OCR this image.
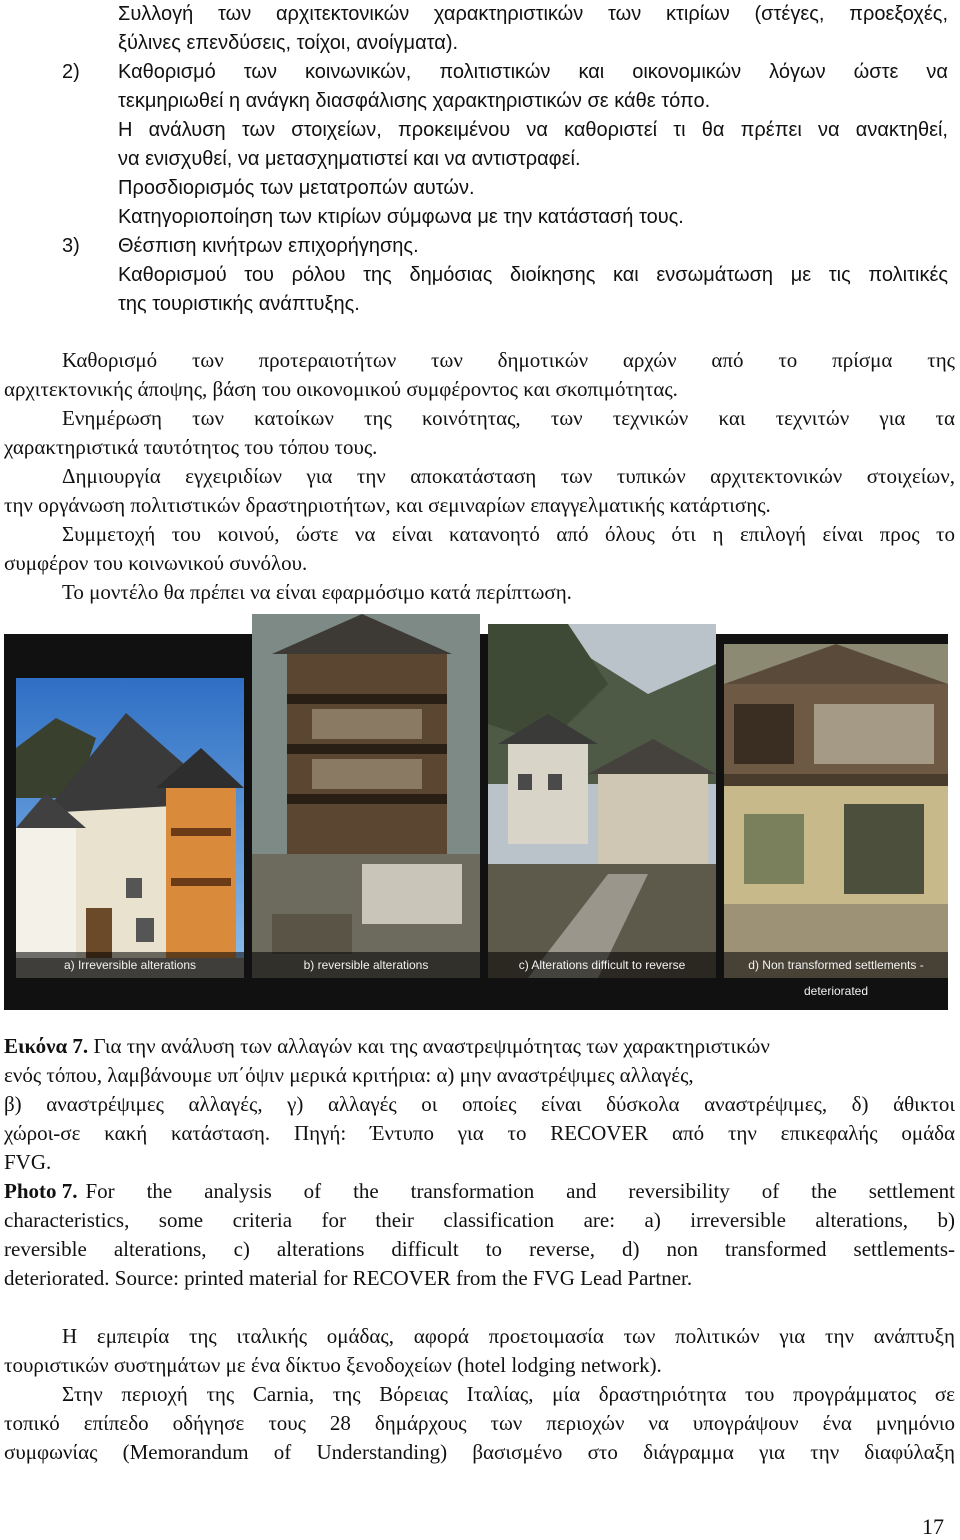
Συλλογή των αρχιτεκτονικών χαρακτηριστικών των κτιρίων (στέγες, προεξοχές,
ξύλινες επενδύσεις, τοίχοι, ανοίγματα).
2) Καθορισμό των κοινωνικών, πολιτιστικών και οικονομικών λόγων ώστε να
τεκμηριωθεί η ανάγκη διασφάλισης χαρακτηριστικών σε κάθε τόπο.
Η ανάλυση των στοιχείων, προκειμένου να καθοριστεί τι θα πρέπει να ανακτηθεί,
να ενισχυθεί, να μετασχηματιστεί και να αντιστραφεί.
Προσδιορισμός των μετατροπών αυτών.
Κατηγοριοποίηση των κτιρίων σύμφωνα με την κατάστασή τους.
3) Θέσπιση κινήτρων επιχορήγησης.
Καθορισμού του ρόλου της δημόσιας διοίκησης και ενσωμάτωση με τις πολιτικές
της τουριστικής ανάπτυξης.
Καθορισμό των προτεραιοτήτων των δημοτικών αρχών από το πρίσμα της
αρχιτεκτονικής άποψης, βάση του οικονομικού συμφέροντος και σκοπιμότητας.
Ενημέρωση των κατοίκων της κοινότητας, των τεχνικών και τεχνιτών για τα
χαρακτηριστικά ταυτότητος του τόπου τους.
Δημιουργία εγχειριδίων για την αποκατάσταση των τυπικών αρχιτεκτονικών στοιχείων,
την οργάνωση πολιτιστικών δραστηριοτήτων, και σεμιναρίων επαγγελματικής κατάρτισης.
Συμμετοχή του κοινού, ώστε να είναι κατανοητό από όλους ότι η επιλογή είναι προς το
συμφέρον του κοινωνικού συνόλου.
Το μοντέλο θα πρέπει να είναι εφαρμόσιμο κατά περίπτωση.
a) Irreversible alterations	b) reversible alterations	c) Alterations difficult to reverse	d) Non transformed settlements - deteriorated
Εικόνα 7. Για την ανάλυση των αλλαγών και της αναστρεψιμότητας των χαρακτηριστικών
ενός τόπου, λαμβάνουμε υπ΄όψιν μερικά κριτήρια: α) μην αναστρέψιμες αλλαγές,
β) αναστρέψιμες αλλαγές, γ) αλλαγές οι οποίες είναι δύσκολα αναστρέψιμες, δ) άθικτοι
χώροι-σε κακή κατάσταση. Πηγή: Έντυπο για το RECOVER από την επικεφαλής ομάδα
FVG.
Photo 7. For the analysis of the transformation and reversibility of the settlement
characteristics, some criteria for their classification are: a) irreversible alterations, b)
reversible alterations, c) alterations difficult to reverse, d) non transformed settlements-
deteriorated. Source: printed material for RECOVER from the FVG Lead Partner.
Η εμπειρία της ιταλικής ομάδας, αφορά προετοιμασία των πολιτικών για την ανάπτυξη
τουριστικών συστημάτων με ένα δίκτυο ξενοδοχείων (hotel lodging network).
Στην περιοχή της Carnia, της Βόρειας Ιταλίας, μία δραστηριότητα του προγράμματος σε
τοπικό επίπεδο οδήγησε τους 28 δημάρχους των περιοχών να υπογράψουν ένα μνημόνιο
συμφωνίας (Memorandum of Understanding) βασισμένο στο διάγραμμα για την διαφύλαξη
17
